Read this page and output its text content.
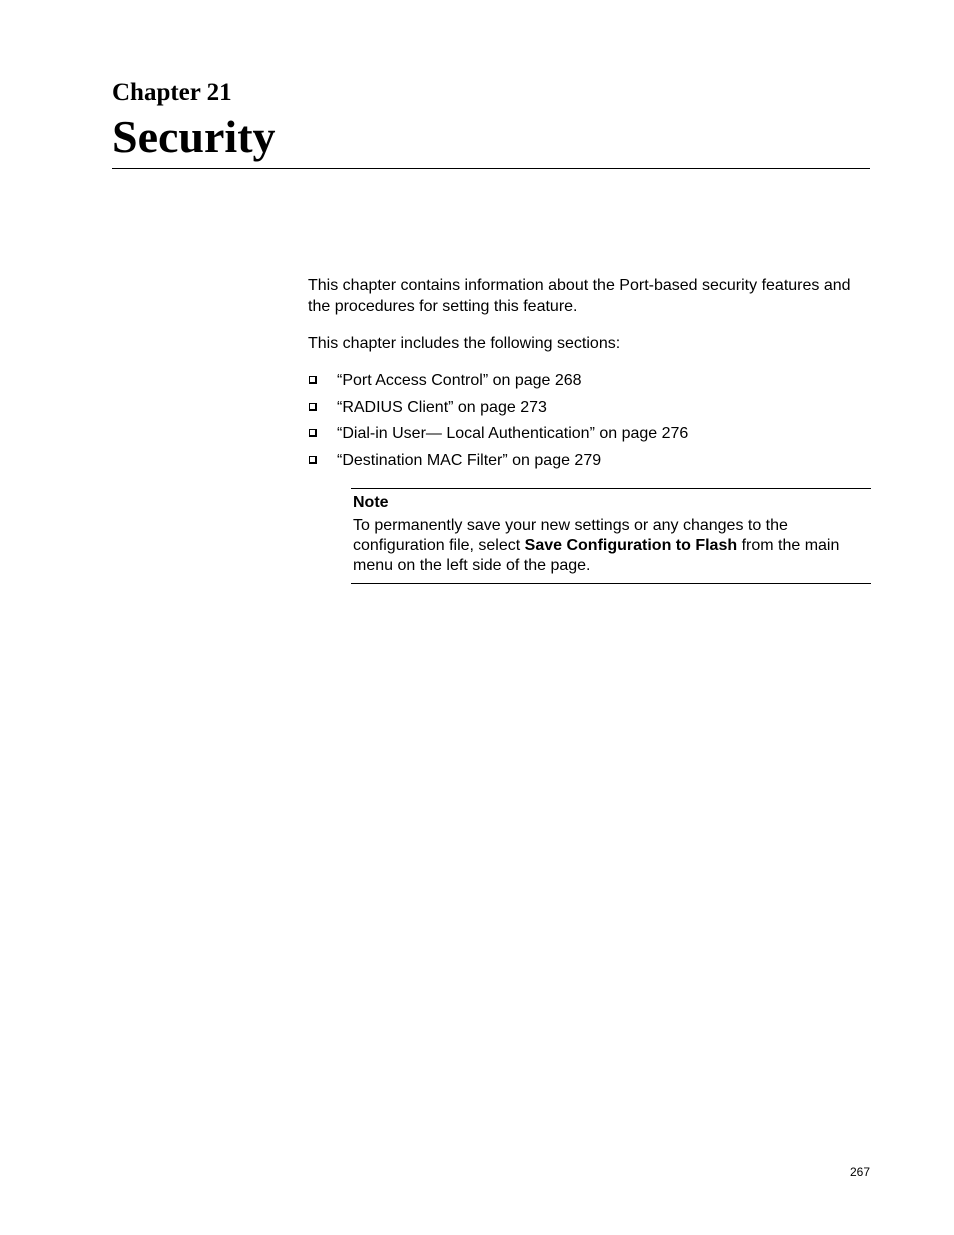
Chapter 21
Security

This chapter contains information about the Port-based security features and the procedures for setting this feature.

This chapter includes the following sections:

“Port Access Control” on page 268
“RADIUS Client” on page 273
“Dial-in User— Local Authentication” on page 276
“Destination MAC Filter” on page 279

Note

To permanently save your new settings or any changes to the configuration file, select Save Configuration to Flash from the main menu on the left side of the page.

267
